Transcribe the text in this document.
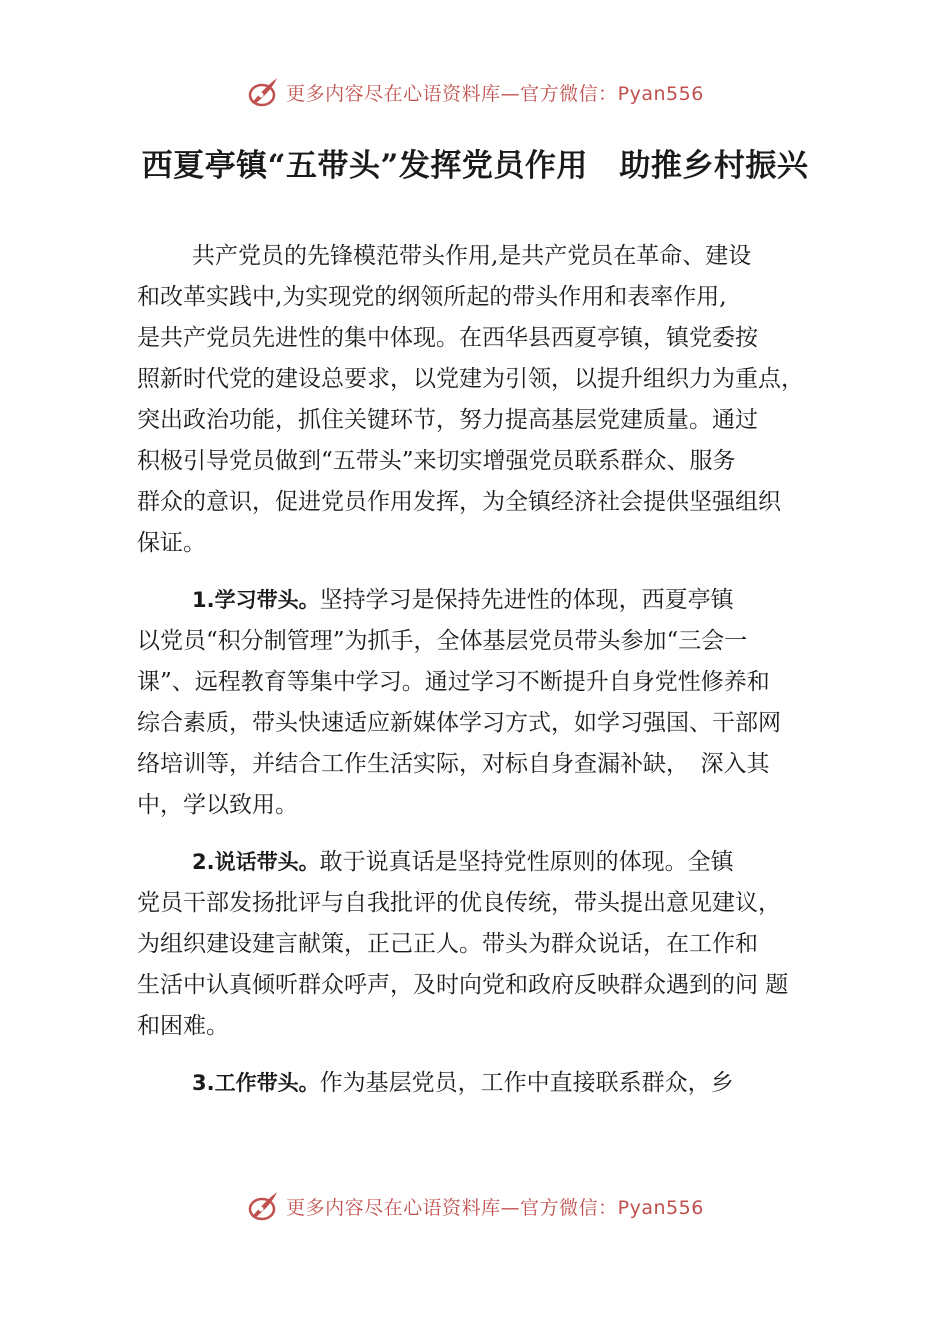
更多内容尽在心语资料库—官方微信：Pyan556
西夏亭镇“五带头”发挥党员作用　助推乡村振兴
共产党员的先锋模范带头作用,是共产党员在革命、建设
和改革实践中,为实现党的纲领所起的带头作用和表率作用,
是共产党员先进性的集中体现。在西华县西夏亭镇，镇党委按
照新时代党的建设总要求，以党建为引领，以提升组织力为重点，
突出政治功能，抓住关键环节，努力提高基层党建质量。通过
积极引导党员做到“五带头”来切实增强党员联系群众、服务
群众的意识，促进党员作用发挥，为全镇经济社会提供坚强组织
保证。
1.学习带头。坚持学习是保持先进性的体现，西夏亭镇
以党员“积分制管理”为抓手，全体基层党员带头参加“三会一
课”、远程教育等集中学习。通过学习不断提升自身党性修养和
综合素质，带头快速适应新媒体学习方式，如学习强国、干部网
络培训等，并结合工作生活实际，对标自身查漏补缺，　深入其
中，学以致用。
2.说话带头。敢于说真话是坚持党性原则的体现。全镇
党员干部发扬批评与自我批评的优良传统，带头提出意见建议，
为组织建设建言献策，正己正人。带头为群众说话，在工作和
生活中认真倾听群众呼声，及时向党和政府反映群众遇到的问 题
和困难。
3.工作带头。作为基层党员，工作中直接联系群众，乡
更多内容尽在心语资料库—官方微信：Pyan556
